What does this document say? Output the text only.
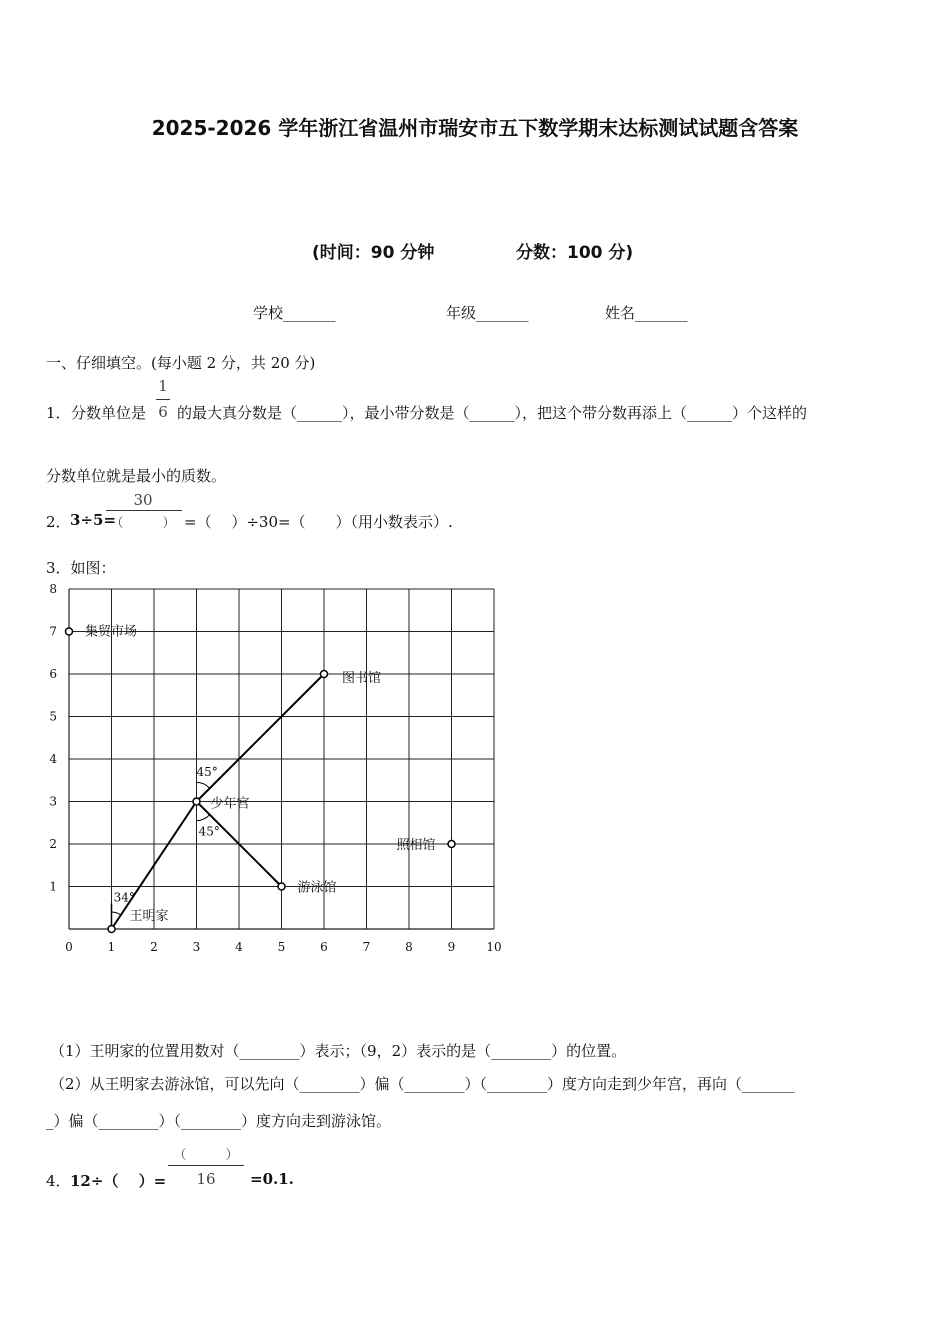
2025-2026 学年浙江省温州市瑞安市五下数学期末达标测试试题含答案
(时间：90 分钟	分数：100 分)
学校_______	年级_______	姓名_______
一、仔细填空。(每小题 2 分，共 20 分)
1． 分数单位是
1
6 的最大真分数是（______），最小带分数是（______），把这个带分数再添上（______）个这样的
分数单位就是最小的质数。
2． 3÷5=
30
（　　　） =（　 ）÷30=（　　）（用小数表示）.
3．如图：
45°
45°
34°
集贸市场
图书馆
少年宫
照相馆
游泳馆
王明家
0	1	2	3	4	5	6	7	8	9	10
1
2
3
4
5
6
7
8
（1）王明家的位置用数对（________）表示；（9，2）表示的是（________）的位置。
（2）从王明家去游泳馆，可以先向（________）偏（________）（________）度方向走到少年宫，再向（_______
_）偏（________）（________）度方向走到游泳馆。
4． 12÷（　 ）=
（　　　）
16	=0.1.
